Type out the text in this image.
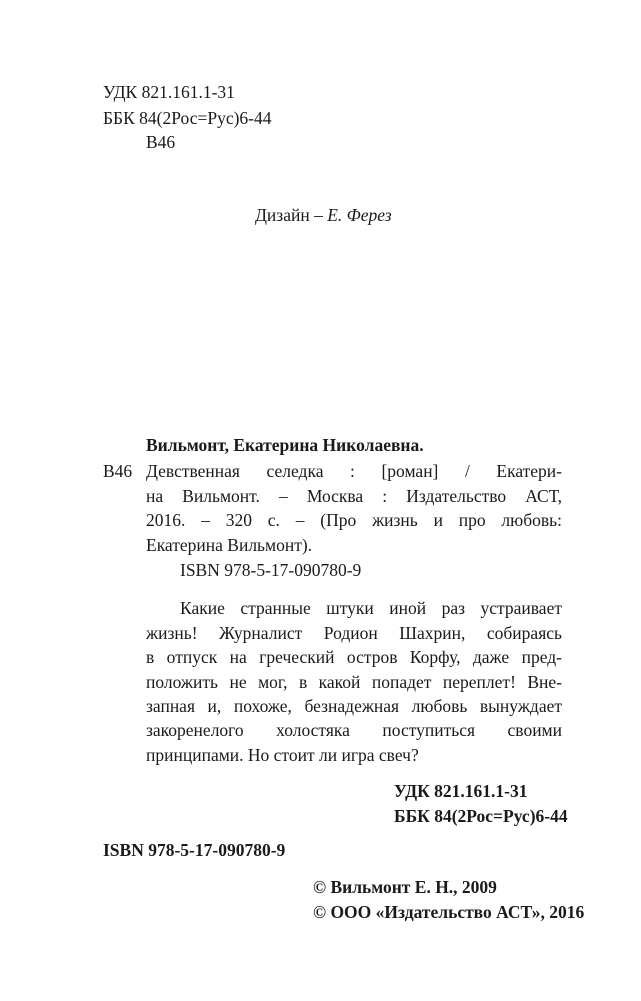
УДК 821.161.1-31
ББК 84(2Рос=Рус)6-44
В46
Дизайн – Е. Ферез
Вильмонт, Екатерина Николаевна.
В46 Девственная селедка : [роман] / Екатери-
на Вильмонт. – Москва : Издательство АСТ,
2016. – 320 с. – (Про жизнь и про любовь:
Екатерина Вильмонт).
ISBN 978-5-17-090780-9
Какие странные штуки иной раз устраивает
жизнь! Журналист Родион Шахрин, собираясь
в отпуск на греческий остров Корфу, даже пред-
положить не мог, в какой попадет переплет! Вне-
запная и, похоже, безнадежная любовь вынуждает
закоренелого холостяка поступиться своими
принципами. Но стоит ли игра свеч?
УДК 821.161.1-31
ББК 84(2Рос=Рус)6-44
ISBN 978-5-17-090780-9
© Вильмонт Е. Н., 2009
© ООО «Издательство АСТ», 2016
